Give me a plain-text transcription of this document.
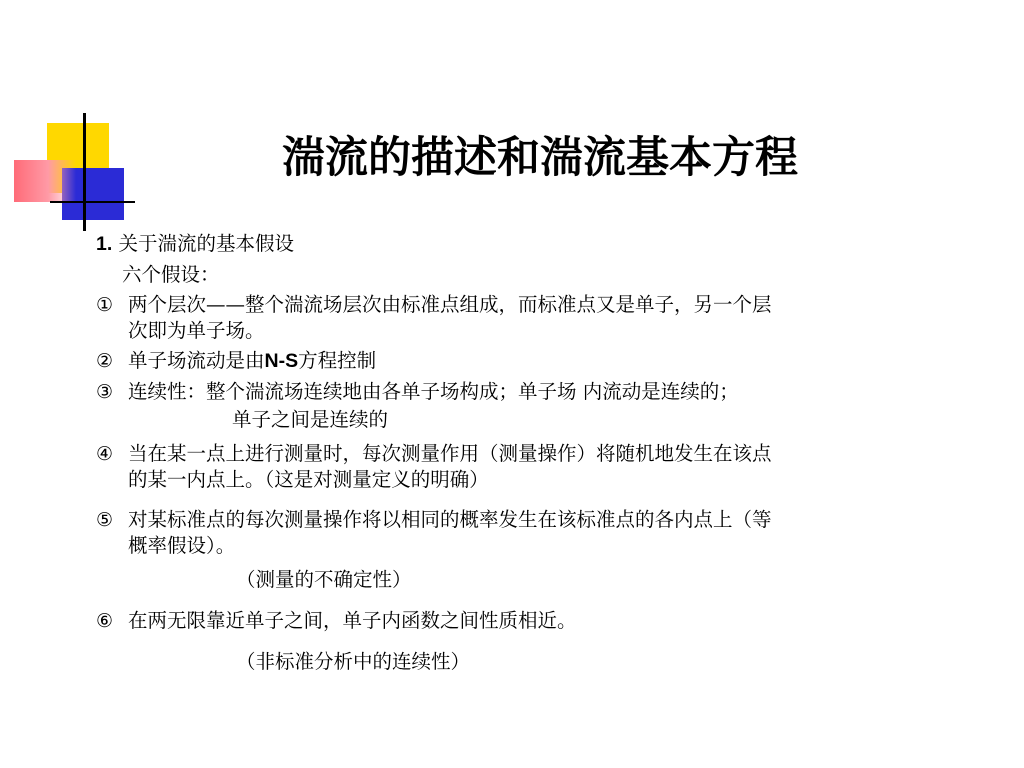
湍流的描述和湍流基本方程
1. 关于湍流的基本假设
六个假设：
① 两个层次——整个湍流场层次由标准点组成，而标准点又是单子，另一个层
次即为单子场。
② 单子场流动是由N-S方程控制
③ 连续性：整个湍流场连续地由各单子场构成；单子场 内流动是连续的；
单子之间是连续的
④ 当在某一点上进行测量时，每次测量作用（测量操作）将随机地发生在该点
的某一内点上。（这是对测量定义的明确）
⑤ 对某标准点的每次测量操作将以相同的概率发生在该标准点的各内点上（等
概率假设）。
（测量的不确定性）
⑥ 在两无限靠近单子之间，单子内函数之间性质相近。
（非标准分析中的连续性）
